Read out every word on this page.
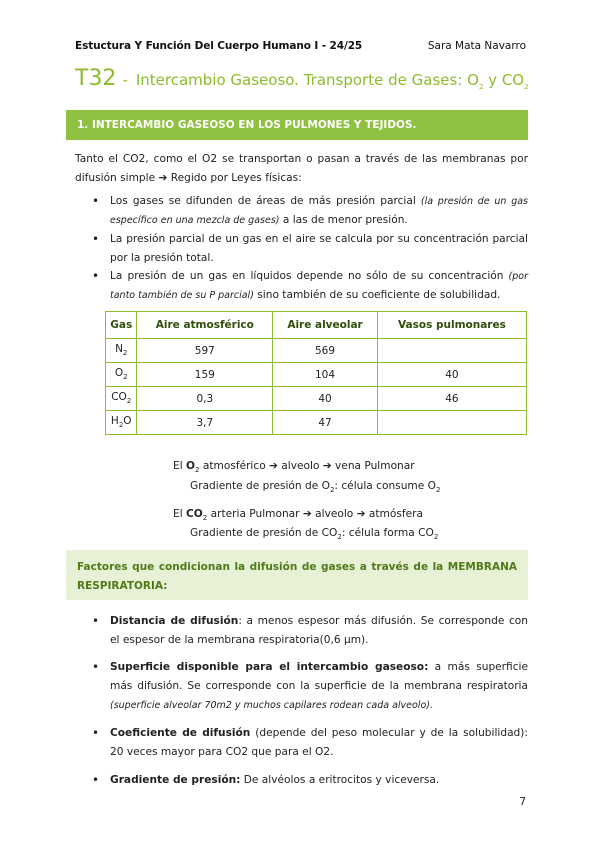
Estuctura Y Función Del Cuerpo Humano I - 24/25	Sara Mata Navarro
T32 - Intercambio Gaseoso. Transporte de Gases: $O_2$ y $CO_2$
1. INTERCAMBIO GASEOSO EN LOS PULMONES Y TEJIDOS.
Tanto el CO2, como el O2 se transportan o pasan a través de las membranas por difusión simple ➔ Regido por Leyes físicas:
• Los gases se difunden de áreas de más presión parcial (la presión de un gas específico en una mezcla de gases) a las de menor presión.
• La presión parcial de un gas en el aire se calcula por su concentración parcial por la presión total.
• La presión de un gas en líquidos depende no sólo de su concentración (por tanto también de su P parcial) sino también de su coeficiente de solubilidad.
Gas	Aire atmosférico	Aire alveolar	Vasos pulmonares
$N_2$	597	569	
$O_2$	159	104	40
$CO_2$	0,3	40	46
$H_2O$	3,7	47	
El $O_2$ atmosférico ➔ alveolo ➔ vena Pulmonar
Gradiente de presión de $O_2$: célula consume $O_2$
El $CO_2$ arteria Pulmonar ➔ alveolo ➔ atmósfera
Gradiente de presión de $CO_2$: célula forma $CO_2$
Factores que condicionan la difusión de gases a través de la MEMBRANA RESPIRATORIA:
• Distancia de difusión: a menos espesor más difusión. Se corresponde con el espesor de la membrana respiratoria(0,6 µm).
• Superficie disponible para el intercambio gaseoso: a más superficie más difusión. Se corresponde con la superficie de la membrana respiratoria (superficie alveolar 70m2 y muchos capilares rodean cada alveolo).
• Coeficiente de difusión (depende del peso molecular y de la solubilidad): 20 veces mayor para CO2 que para el O2.
• Gradiente de presión: De alvéolos a eritrocitos y viceversa.
7
